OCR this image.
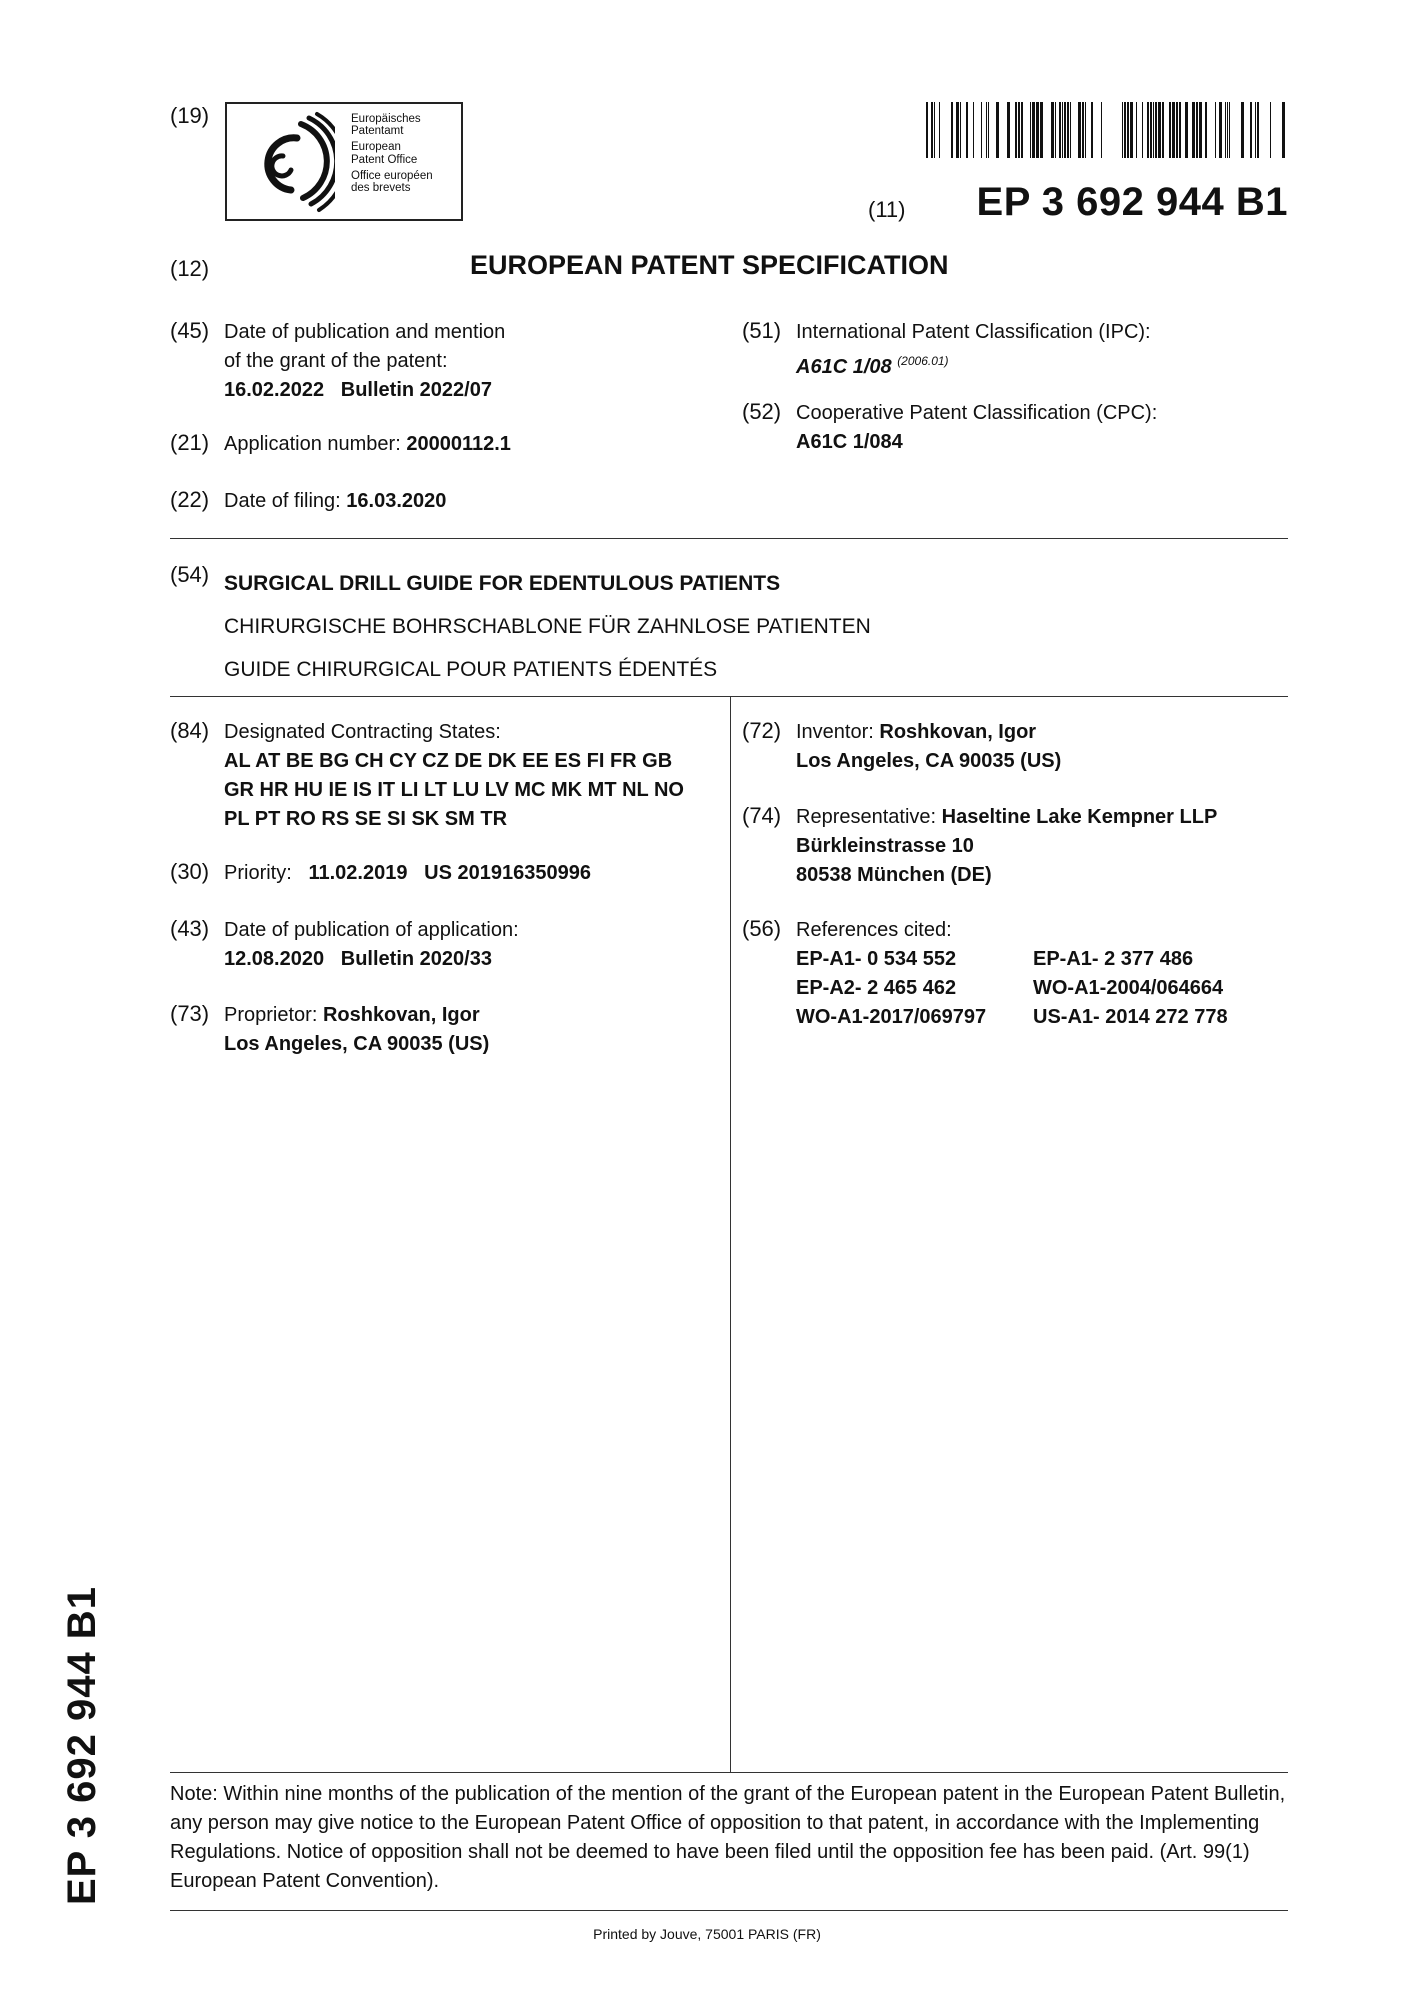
(19)	Europäisches
Patentamt
European
Patent Office
Office européen
des brevets
(11) EP 3 692 944 B1
(12)	EUROPEAN PATENT SPECIFICATION
(45) Date of publication and mention
of the grant of the patent:
16.02.2022   Bulletin 2022/07
(21) Application number: 20000112.1
(22) Date of filing: 16.03.2020
(51) International Patent Classification (IPC):
A61C 1/08 $^{(2006.01)}$
(52) Cooperative Patent Classification (CPC):
A61C 1/084
(54) SURGICAL DRILL GUIDE FOR EDENTULOUS PATIENTS
CHIRURGISCHE BOHRSCHABLONE FÜR ZAHNLOSE PATIENTEN
GUIDE CHIRURGICAL POUR PATIENTS ÉDENTÉS
(84) Designated Contracting States:
AL AT BE BG CH CY CZ DE DK EE ES FI FR GB
GR HR HU IE IS IT LI LT LU LV MC MK MT NL NO
PL PT RO RS SE SI SK SM TR
(30) Priority: 11.02.2019   US 201916350996
(43) Date of publication of application:
12.08.2020   Bulletin 2020/33
(73) Proprietor: Roshkovan, Igor
Los Angeles, CA 90035 (US)
(72) Inventor: Roshkovan, Igor
Los Angeles, CA 90035 (US)
(74) Representative: Haseltine Lake Kempner LLP
Bürkleinstrasse 10
80538 München (DE)
(56) References cited:
EP-A1- 0 534 552	EP-A1- 2 377 486
EP-A2- 2 465 462	WO-A1-2004/064664
WO-A1-2017/069797	US-A1- 2014 272 778
EP 3 692 944 B1	Note: Within nine months of the publication of the mention of the grant of the European patent in the European Patent Bulletin, any person may give notice to the European Patent Office of opposition to that patent, in accordance with the Implementing Regulations. Notice of opposition shall not be deemed to have been filed until the opposition fee has been paid. (Art. 99(1) European Patent Convention).
Printed by Jouve, 75001 PARIS (FR)
